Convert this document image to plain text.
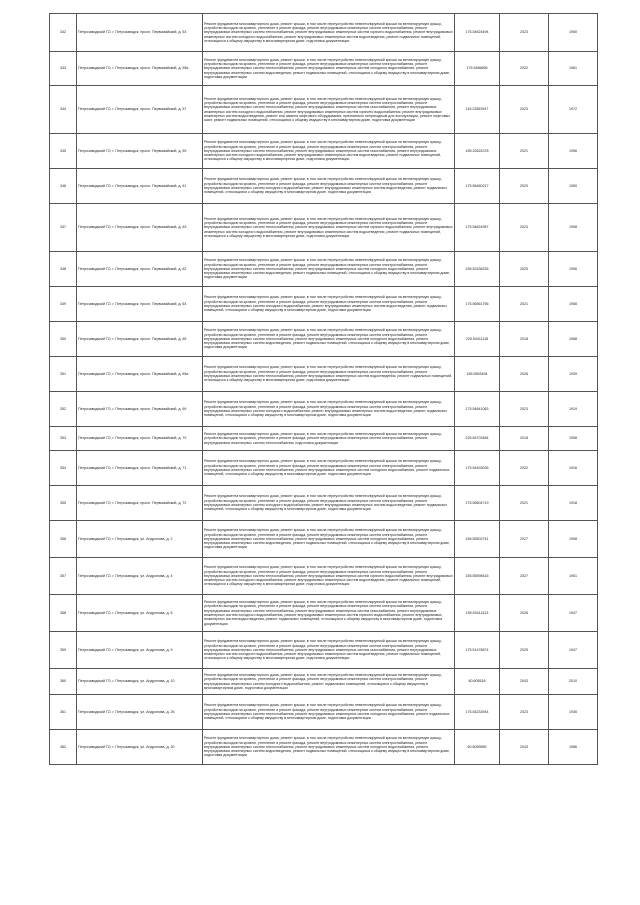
342	Петрозаводский ГО, г. Петрозаводск, просп. Первомайский, д. 53	Ремонт фундамента многоквартирного дома, ремонт крыши, в том числе переустройство невентилируемой крыши на вентилируемую крышу, устройство выходов на кровлю, утепление и ремонт фасада, ремонт внутридомовых инженерных систем электроснабжения, ремонт внутридомовых инженерных систем теплоснабжения, ремонт внутридомовых инженерных систем горячего водоснабжения, ремонт внутридомовых инженерных систем холодного водоснабжения, ремонт внутридомовых инженерных систем водоотведения, ремонт подвальных помещений, относящихся к общему имуществу в многоквартирном доме, подготовка документации	175.54624494	2023	1950
343	Петрозаводский ГО, г. Петрозаводск, просп. Первомайский, д. 55а	Ремонт фундамента многоквартирного дома, ремонт крыши, в том числе переустройство невентилируемой крыши на вентилируемую крышу, устройство выходов на кровлю, утепление и ремонт фасада, ремонт внутридомовых инженерных систем электроснабжения, ремонт внутридомовых инженерных систем теплоснабжения, ремонт внутридомовых инженерных систем холодного водоснабжения, ремонт внутридомовых инженерных систем водоотведения, ремонт подвальных помещений, относящихся к общему имуществу в многоквартирном доме, подготовка документации	175.5486896	2022	1961
344	Петрозаводский ГО, г. Петрозаводск, просп. Первомайский, д. 57	Ремонт фундамента многоквартирного дома, ремонт крыши, в том числе переустройство невентилируемой крыши на вентилируемую крышу, устройство выходов на кровлю, утепление и ремонт фасада, ремонт внутридомовых инженерных систем электроснабжения, ремонт внутридомовых инженерных систем теплоснабжения, ремонт внутридомовых инженерных систем газоснабжения, ремонт внутридомовых инженерных систем холодного водоснабжения, ремонт внутридомовых инженерных систем горячего водоснабжения, ремонт внутридомовых инженерных систем водоотведения, ремонт или замена лифтового оборудования, признанного непригодным для эксплуатации, ремонт лифтовых шахт, ремонт подвальных помещений, относящихся к общему имуществу в многоквартирном доме, подготовка документации	115.22563947	2023	1972
345	Петрозаводский ГО, г. Петрозаводск, просп. Первомайский, д. 59	Ремонт фундамента многоквартирного дома, ремонт крыши, в том числе переустройство невентилируемой крыши на вентилируемую крышу, устройство выходов на кровлю, утепление и ремонт фасада, ремонт внутридомовых инженерных систем электроснабжения, ремонт внутридомовых инженерных систем теплоснабжения, ремонт внутридомовых инженерных систем газоснабжения, ремонт внутридомовых инженерных систем холодного водоснабжения, ремонт внутридомовых инженерных систем водоотведения, ремонт подвальных помещений, относящихся к общему имуществу в многоквартирном доме, подготовка документации	155.22624378	2021	1956
346	Петрозаводский ГО, г. Петрозаводск, просп. Первомайский, д. 61	Ремонт фундамента многоквартирного дома, ремонт крыши, в том числе переустройство невентилируемой крыши на вентилируемую крышу, устройство выходов на кровлю, утепление и ремонт фасада, ремонт внутридомовых инженерных систем электроснабжения, ремонт внутридомовых инженерных систем холодного водоснабжения, ремонт внутридомовых инженерных систем водоотведения, ремонт подвальных помещений, относящихся к общему имуществу в многоквартирном доме, подготовка документации	175.56460217	2020	1950
347	Петрозаводский ГО, г. Петрозаводск, просп. Первомайский, д. 63	Ремонт фундамента многоквартирного дома, ремонт крыши, в том числе переустройство невентилируемой крыши на вентилируемую крышу, устройство выходов на кровлю, утепление и ремонт фасада, ремонт внутридомовых инженерных систем электроснабжения, ремонт внутридомовых инженерных систем теплоснабжения, ремонт внутридомовых инженерных систем горячего водоснабжения, ремонт внутридомовых инженерных систем холодного водоснабжения, ремонт внутридомовых инженерных систем водоотведения, ремонт подвальных помещений, относящихся к общему имуществу в многоквартирном доме, подготовка документации	175.54624987	2023	1958
348	Петрозаводский ГО, г. Петрозаводск, просп. Первомайский, д. 62	Ремонт фундамента многоквартирного дома, ремонт крыши, в том числе переустройство невентилируемой крыши на вентилируемую крышу, устройство выходов на кровлю, утепление и ремонт фасада, ремонт внутридомовых инженерных систем электроснабжения, ремонт внутридомовых инженерных систем теплоснабжения, ремонт внутридомовых инженерных систем холодного водоснабжения, ремонт внутридомовых инженерных систем водоотведения, ремонт подвальных помещений, относящихся к общему имуществу в многоквартирном доме, подготовка документации	155.52436335	2025	1956
349	Петрозаводский ГО, г. Петрозаводск, просп. Первомайский, д. 64	Ремонт фундамента многоквартирного дома, ремонт крыши, в том числе переустройство невентилируемой крыши на вентилируемую крышу, устройство выходов на кровлю, утепление и ремонт фасада, ремонт внутридомовых инженерных систем электроснабжения, ремонт внутридомовых инженерных систем холодного водоснабжения, ремонт внутридомовых инженерных систем водоотведения, ремонт подвальных помещений, относящихся к общему имуществу в многоквартирном доме, подготовка документации	175.56561756	2021	1958
350	Петрозаводский ГО, г. Петрозаводск, просп. Первомайский, д. 65	Ремонт фундамента многоквартирного дома, ремонт крыши, в том числе переустройство невентилируемой крыши на вентилируемую крышу, устройство выходов на кровлю, утепление и ремонт фасада, ремонт внутридомовых инженерных систем электроснабжения, ремонт внутридомовых инженерных систем теплоснабжения, ремонт внутридомовых инженерных систем холодного водоснабжения, ремонт внутридомовых инженерных систем водоотведения, ремонт подвальных помещений, относящихся к общему имуществу в многоквартирном доме, подготовка документации	225.54411118	2018	1968
351	Петрозаводский ГО, г. Петрозаводск, просп. Первомайский, д. 65а	Ремонт фундамента многоквартирного дома, ремонт крыши, в том числе переустройство невентилируемой крыши на вентилируемую крышу, устройство выходов на кровлю, утепление и ремонт фасада, ремонт внутридомовых инженерных систем электроснабжения, ремонт внутридомовых инженерных систем теплоснабжения, ремонт внутридомовых инженерных систем водоотведения, ремонт подвальных помещений, относящихся к общему имуществу в многоквартирном доме, подготовка документации	155.5553494	2026	1939
352	Петрозаводский ГО, г. Петрозаводск, просп. Первомайский, д. 69	Ремонт фундамента многоквартирного дома, ремонт крыши, в том числе переустройство невентилируемой крыши на вентилируемую крышу, устройство выходов на кровлю, утепление и ремонт фасада, ремонт внутридомовых инженерных систем электроснабжения, ремонт внутридомовых инженерных систем холодного водоснабжения, ремонт внутридомовых инженерных систем водоотведения, ремонт подвальных помещений, относящихся к общему имуществу в многоквартирном доме, подготовка документации	175.54641063	2023	1919
353	Петрозаводский ГО, г. Петрозаводск, просп. Первомайский, д. 70	Ремонт фундамента многоквартирного дома, ремонт крыши, в том числе переустройство невентилируемой крыши на вентилируемую крышу, устройство выходов на кровлю, утепление и ремонт фасада, ремонт внутридомовых инженерных систем электроснабжения, ремонт внутридомовых инженерных систем теплоснабжения, подготовка документации	225.54703484	2018	1958
354	Петрозаводский ГО, г. Петрозаводск, просп. Первомайский, д. 71	Ремонт фундамента многоквартирного дома, ремонт крыши, в том числе переустройство невентилируемой крыши на вентилируемую крышу, устройство выходов на кровлю, утепление и ремонт фасада, ремонт внутридомовых инженерных систем электроснабжения, ремонт внутридомовых инженерных систем теплоснабжения, ремонт внутридомовых инженерных систем холодного водоснабжения, ремонт подвальных помещений, относящихся к общему имуществу в многоквартирном доме, подготовка документации	175.54493035	2022	1916
355	Петрозаводский ГО, г. Петрозаводск, просп. Первомайский, д. 72	Ремонт фундамента многоквартирного дома, ремонт крыши, в том числе переустройство невентилируемой крыши на вентилируемую крышу, устройство выходов на кровлю, утепление и ремонт фасада, ремонт внутридомовых инженерных систем электроснабжения, ремонт внутридомовых инженерных систем холодного водоснабжения, ремонт внутридомовых инженерных систем водоотведения, ремонт подвальных помещений, относящихся к общему имуществу в многоквартирном доме, подготовка документации	175.55604719	2021	1918
356	Петрозаводский ГО, г. Петрозаводск, ул. Андропова, д. 2	Ремонт фундамента многоквартирного дома, ремонт крыши, в том числе переустройство невентилируемой крыши на вентилируемую крышу, устройство выходов на кровлю, утепление и ремонт фасада, ремонт внутридомовых инженерных систем электроснабжения, ремонт внутридомовых инженерных систем теплоснабжения, ремонт внутридомовых инженерных систем холодного водоснабжения, ремонт внутридомовых инженерных систем водоотведения, ремонт подвальных помещений, относящихся к общему имуществу в многоквартирном доме, подготовка документации	155.55502741	2027	1958
357	Петрозаводский ГО, г. Петрозаводск, ул. Андропова, д. 4	Ремонт фундамента многоквартирного дома, ремонт крыши, в том числе переустройство невентилируемой крыши на вентилируемую крышу, устройство выходов на кровлю, утепление и ремонт фасада, ремонт внутридомовых инженерных систем электроснабжения, ремонт внутридомовых инженерных систем теплоснабжения, ремонт внутридомовых инженерных систем горячего водоснабжения, ремонт внутридомовых инженерных систем холодного водоснабжения, ремонт внутридомовых инженерных систем водоотведения, ремонт подвальных помещений, относящихся к общему имуществу в многоквартирном доме, подготовка документации	155.55598416	2027	1951
358	Петрозаводский ГО, г. Петрозаводск, ул. Андропова, д. 6	Ремонт фундамента многоквартирного дома, ремонт крыши, в том числе переустройство невентилируемой крыши на вентилируемую крышу, устройство выходов на кровлю, утепление и ремонт фасада, ремонт внутридомовых инженерных систем электроснабжения, ремонт внутридомовых инженерных систем теплоснабжения, ремонт внутридомовых инженерных систем газоснабжения, ремонт внутридомовых инженерных систем холодного водоснабжения, ремонт внутридомовых инженерных систем горячего водоснабжения, ремонт внутридомовых инженерных систем водоотведения, ремонт подвальных помещений, относящихся к общему имуществу в многоквартирном доме, подготовка документации	155.53414113	2026	1947
359	Петрозаводский ГО, г. Петрозаводск, ул. Андропова, д. 9	Ремонт фундамента многоквартирного дома, ремонт крыши, в том числе переустройство невентилируемой крыши на вентилируемую крышу, устройство выходов на кровлю, утепление и ремонт фасада, ремонт внутридомовых инженерных систем электроснабжения, ремонт внутридомовых инженерных систем теплоснабжения, ремонт внутридомовых инженерных систем газоснабжения, ремонт внутридомовых инженерных систем холодного водоснабжения, ремонт внутридомовых инженерных систем водоотведения, ремонт подвальных помещений, относящихся к общему имуществу в многоквартирном доме, подготовка документации	175.51476874	2025	1947
360	Петрозаводский ГО, г. Петрозаводск, ул. Андропова, д. 10	Ремонт фундамента многоквартирного дома, ремонт крыши, в том числе переустройство невентилируемой крыши на вентилируемую крышу, устройство выходов на кровлю, утепление и ремонт фасада, ремонт внутридомовых инженерных систем электроснабжения, ремонт внутридомовых инженерных систем холодного водоснабжения, ремонт подвальных помещений, относящихся к общему имуществу в многоквартирном доме, подготовка документации	60.605518	2043	2010
361	Петрозаводский ГО, г. Петрозаводск, ул. Андропова, д. 26	Ремонт фундамента многоквартирного дома, ремонт крыши, в том числе переустройство невентилируемой крыши на вентилируемую крышу, устройство выходов на кровлю, утепление и ремонт фасада, ремонт внутридомовых инженерных систем электроснабжения, ремонт внутридомовых инженерных систем теплоснабжения, ремонт внутридомовых инженерных систем холодного водоснабжения, ремонт подвальных помещений, относящихся к общему имуществу в многоквартирном доме, подготовка документации	175.54233944	2023	1936
362	Петрозаводский ГО, г. Петрозаводск, ул. Андропова, д. 30	Ремонт фундамента многоквартирного дома, ремонт крыши, в том числе переустройство невентилируемой крыши на вентилируемую крышу, устройство выходов на кровлю, утепление и ремонт фасада, ремонт внутридомовых инженерных систем электроснабжения, ремонт внутридомовых инженерных систем теплоснабжения, ремонт внутридомовых инженерных систем холодного водоснабжения, ремонт внутридомовых инженерных систем водоотведения, ремонт подвальных помещений, относящихся к общему имуществу в многоквартирном доме, подготовка документации	60.6059589	2043	1986
